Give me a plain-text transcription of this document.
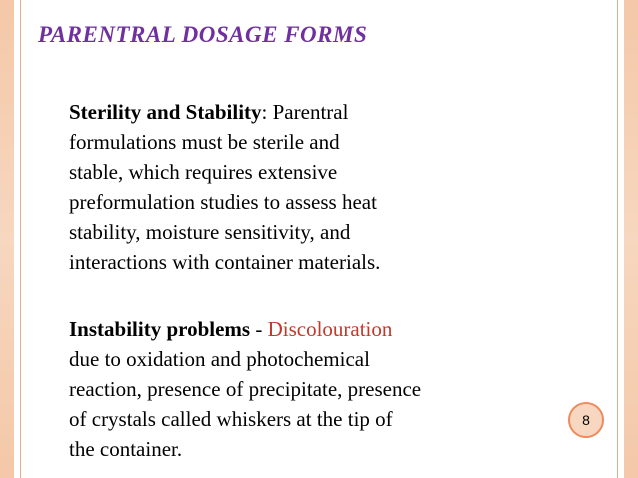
PARENTRAL DOSAGE FORMS
Sterility and Stability: Parentral
formulations must be sterile and
stable, which requires extensive
preformulation studies to assess heat
stability, moisture sensitivity, and
interactions with container materials.
Instability problems - Discolouration
due to oxidation and photochemical
reaction, presence of precipitate, presence
of crystals called whiskers at the tip of
the container.
8
